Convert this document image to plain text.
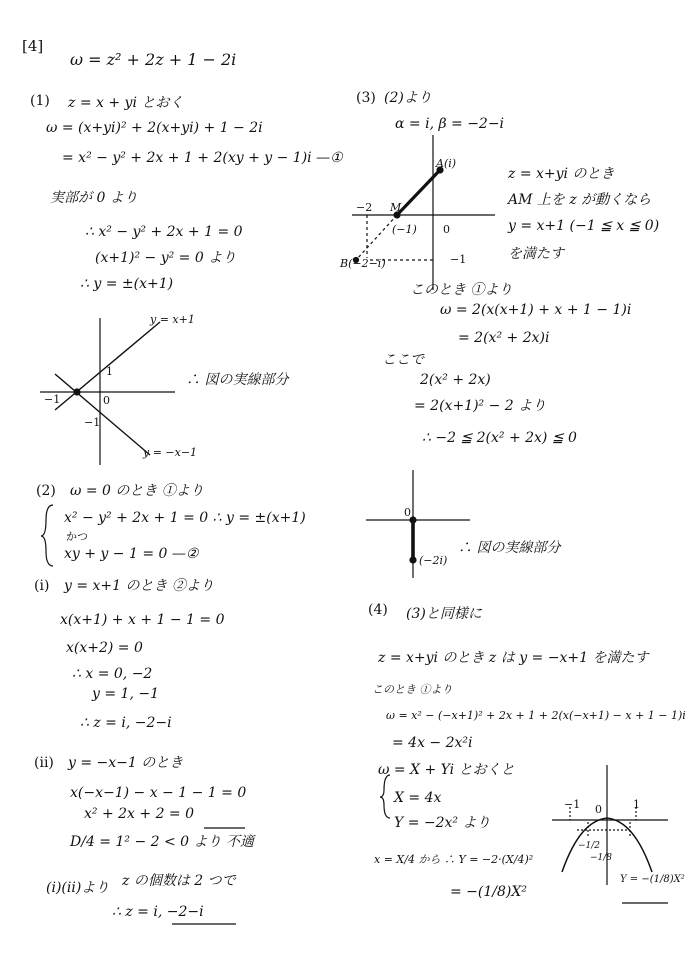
[4]
ω = z² + 2z + 1 − 2i
(1) z = x + yi とおく
ω = (x+yi)² + 2(x+yi) + 1 − 2i
= x² − y² + 2x + 1 + 2(xy + y − 1)i —①
実部が 0 より
∴ x² − y² + 2x + 1 = 0
(x+1)² − y² = 0 より
∴ y = ±(x+1)
y = x+1
y = −x−1
1
−1
−1
0
∴ 図の実線部分
(2) ω = 0 のとき ①より
x² − y² + 2x + 1 = 0 ∴ y = ±(x+1)
かつ
xy + y − 1 = 0 —②
(i) y = x+1 のとき ②より
x(x+1) + x + 1 − 1 = 0
x(x+2) = 0
∴ x = 0, −2
y = 1, −1
∴ z = i, −2−i
(ii) y = −x−1 のとき
x(−x−1) − x − 1 − 1 = 0
x² + 2x + 2 = 0
D/4 = 1² − 2 < 0 より 不適
(i)(ii)より z の個数は 2 つで
∴ z = i, −2−i
(3) (2)より
α = i, β = −2−i
A(i)
M
(−1)
B(−2−i)
−2
−1
0
z = x+yi のとき
AM 上を z が動くなら
y = x+1 (−1 ≦ x ≦ 0)
を満たす
このとき ①より
ω = 2(x(x+1) + x + 1 − 1)i
= 2(x² + 2x)i
ここで
2(x² + 2x)
= 2(x+1)² − 2 より
∴ −2 ≦ 2(x² + 2x) ≦ 0
0
(−2i)
∴ 図の実線部分
(4) (3)と同様に
z = x+yi のとき z は y = −x+1 を満たす
このとき ①より
ω = x² − (−x+1)² + 2x + 1 + 2(x(−x+1) − x + 1 − 1)i
= 4x − 2x²i
ω = X + Yi とおくと
X = 4x
Y = −2x² より
x = X/4 から ∴ Y = −2·(X/4)²
= −(1/8)X²
−1 0	1
−1/2
−1/8
Y = −(1/8)X²
